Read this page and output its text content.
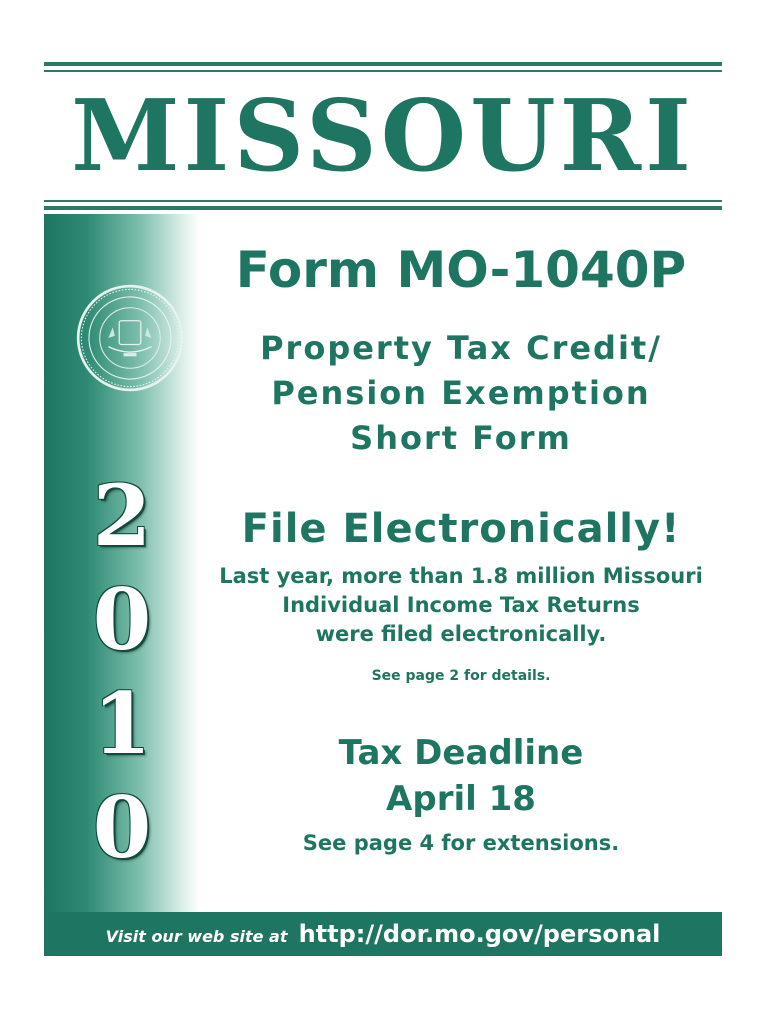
MISSOURI
2
0
1
0
Form MO-1040P
Property Tax Credit/
Pension Exemption
Short Form
File Electronically!
Last year, more than 1.8 million Missouri
Individual Income Tax Returns
were filed electronically.
See page 2 for details.
Tax Deadline
April 18
See page 4 for extensions.
Visit our web site at http://dor.mo.gov/personal
